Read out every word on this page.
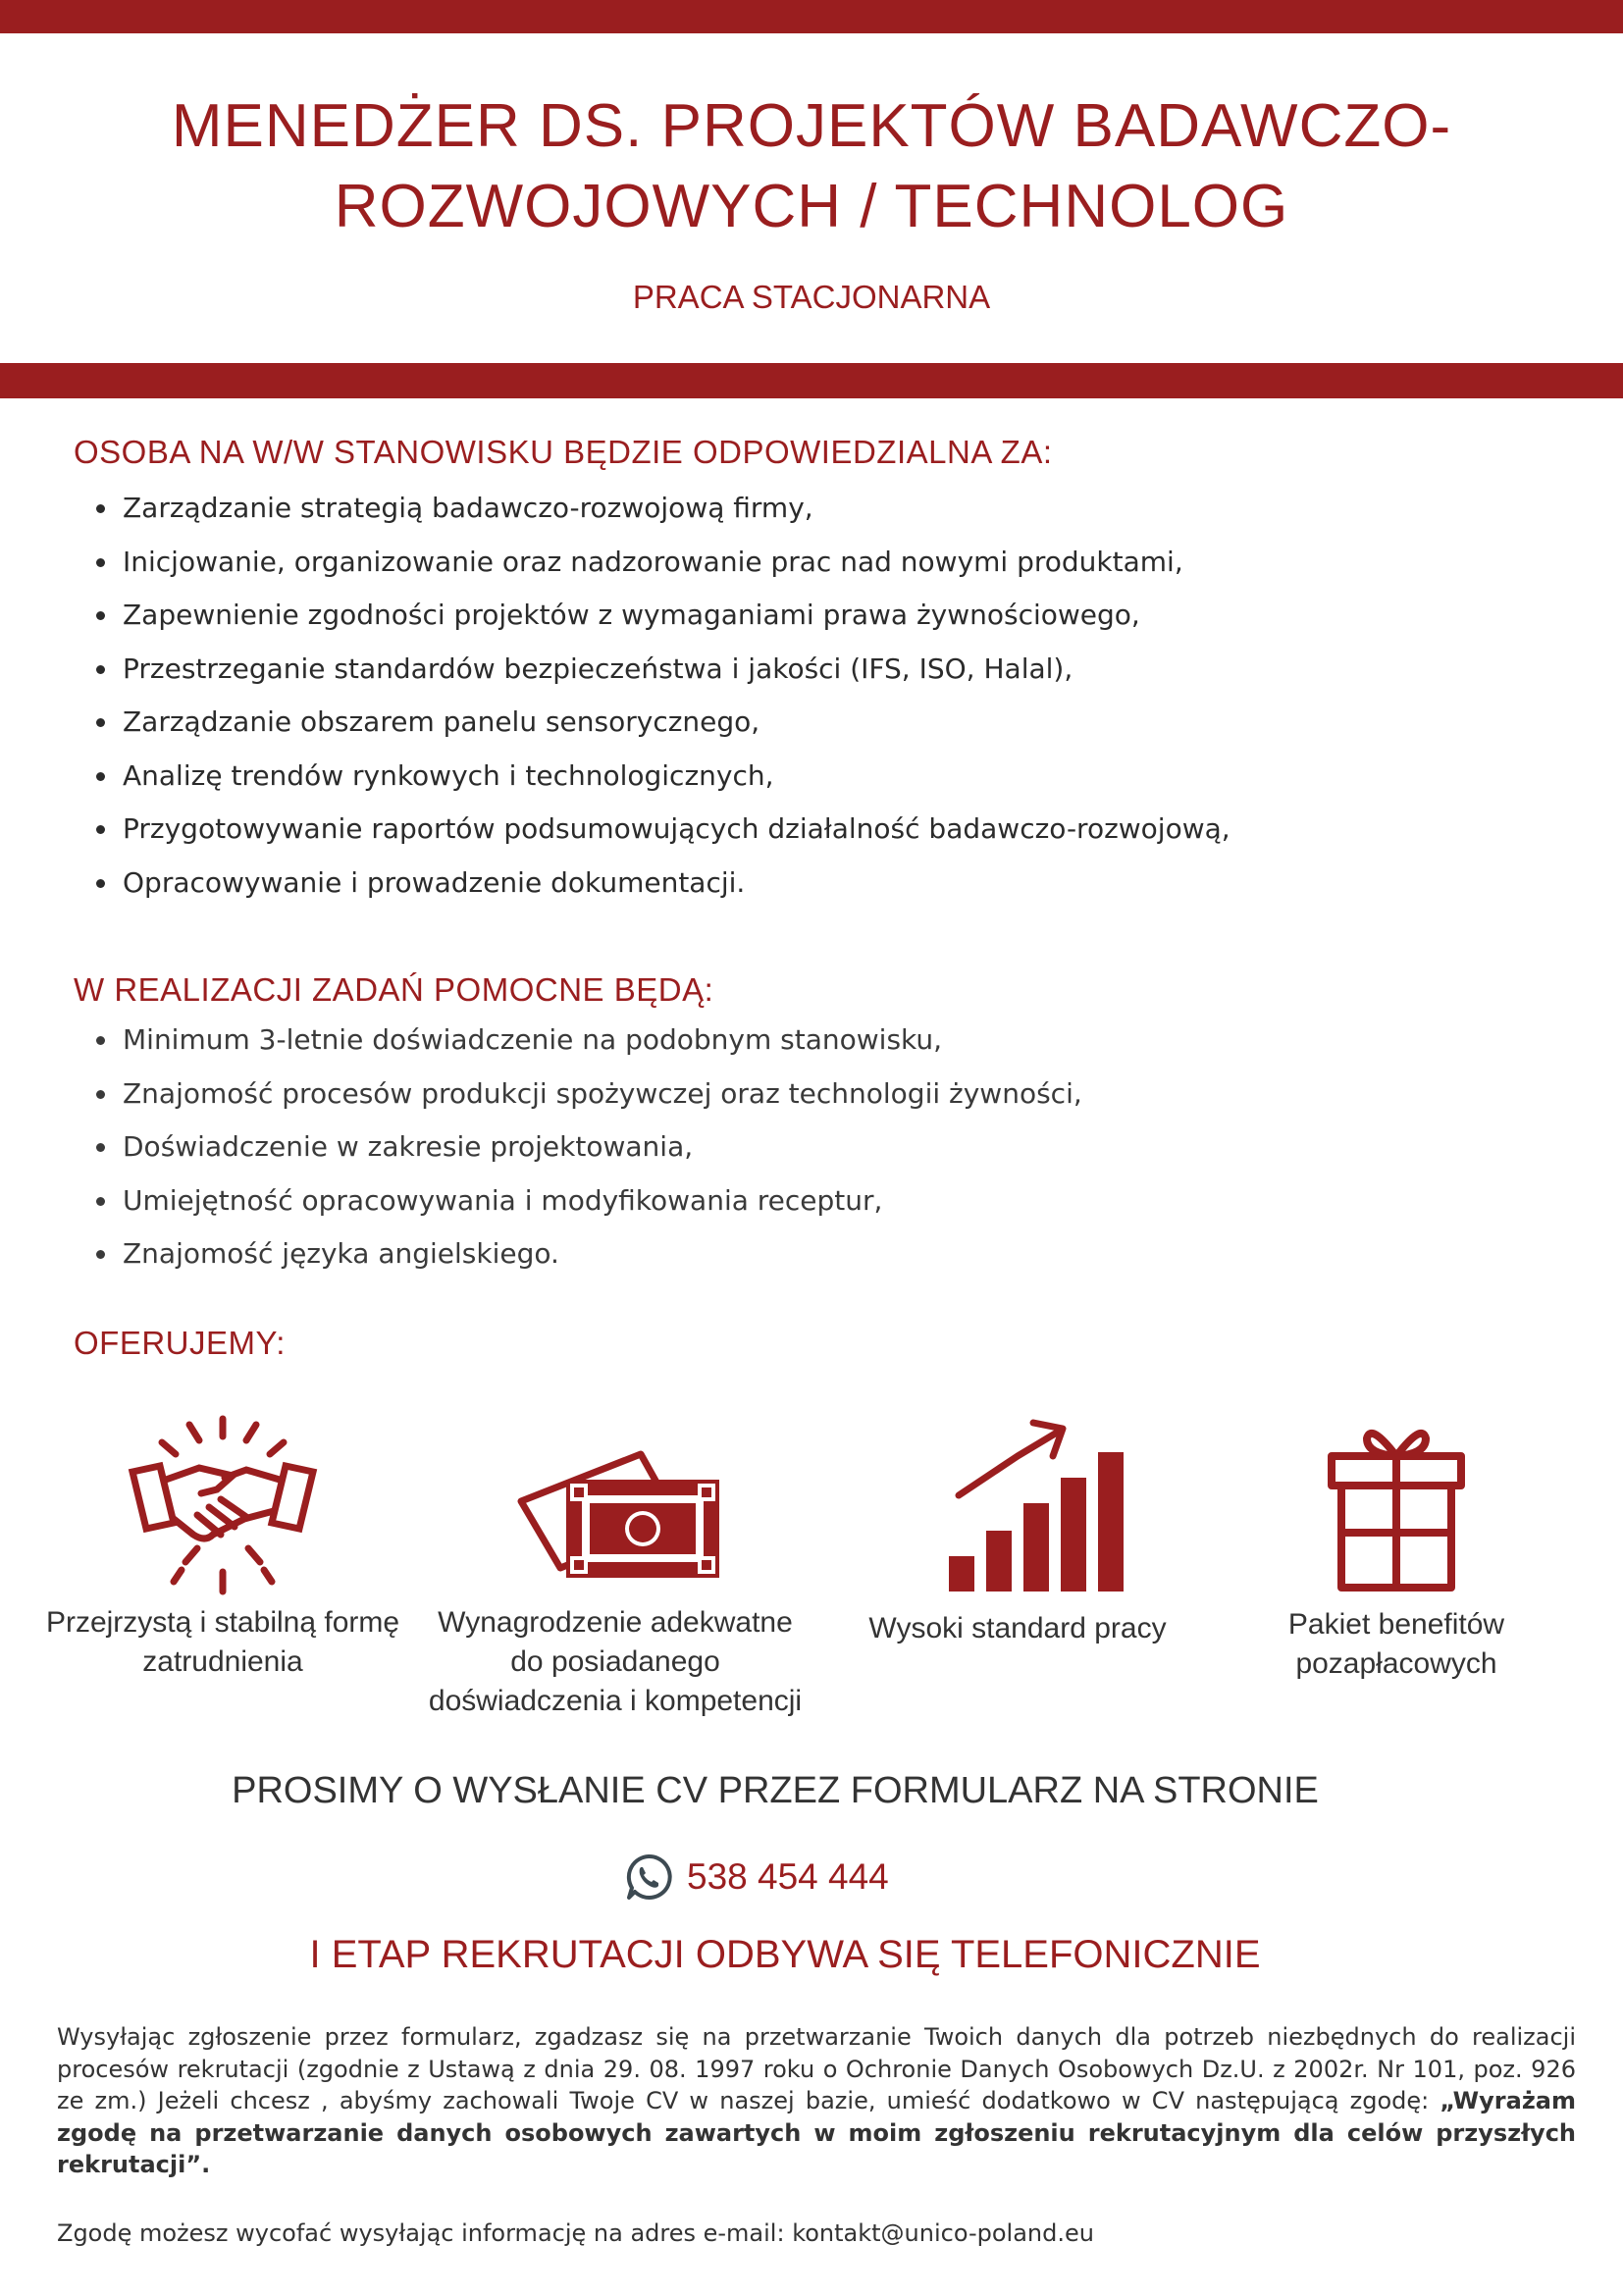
MENEDŻER DS. PROJEKTÓW BADAWCZO-ROZWOJOWYCH / TECHNOLOG
PRACA STACJONARNA
OSOBA NA W/W STANOWISKU BĘDZIE ODPOWIEDZIALNA ZA:
• Zarządzanie strategią badawczo-rozwojową firmy,
• Inicjowanie, organizowanie oraz nadzorowanie prac nad nowymi produktami,
• Zapewnienie zgodności projektów z wymaganiami prawa żywnościowego,
• Przestrzeganie standardów bezpieczeństwa i jakości (IFS, ISO, Halal),
• Zarządzanie obszarem panelu sensorycznego,
• Analizę trendów rynkowych i technologicznych,
• Przygotowywanie raportów podsumowujących działalność badawczo-rozwojową,
• Opracowywanie i prowadzenie dokumentacji.
W REALIZACJI ZADAŃ POMOCNE BĘDĄ:
• Minimum 3-letnie doświadczenie na podobnym stanowisku,
• Znajomość procesów produkcji spożywczej oraz technologii żywności,
• Doświadczenie w zakresie projektowania,
• Umiejętność opracowywania i modyfikowania receptur,
• Znajomość języka angielskiego.
OFERUJEMY:
Przejrzystą i stabilną formę
zatrudnienia
Wynagrodzenie adekwatne
do posiadanego
doświadczenia i kompetencji
Wysoki standard pracy	Pakiet benefitów
pozapłacowych
PROSIMY O WYSŁANIE CV PRZEZ FORMULARZ NA STRONIE
538 454 444
I ETAP REKRUTACJI ODBYWA SIĘ TELEFONICZNIE
Wysyłając zgłoszenie przez formularz, zgadzasz się na przetwarzanie Twoich danych dla potrzeb niezbędnych do realizacji procesów rekrutacji (zgodnie z Ustawą z dnia 29. 08. 1997 roku o Ochronie Danych Osobowych Dz.U. z 2002r. Nr 101, poz. 926 ze zm.) Jeżeli chcesz , abyśmy zachowali Twoje CV w naszej bazie, umieść dodatkowo w CV następującą zgodę: „Wyrażam zgodę na przetwarzanie danych osobowych zawartych w moim zgłoszeniu rekrutacyjnym dla celów przyszłych rekrutacji”.
Zgodę możesz wycofać wysyłając informację na adres e-mail: kontakt@unico-poland.eu
